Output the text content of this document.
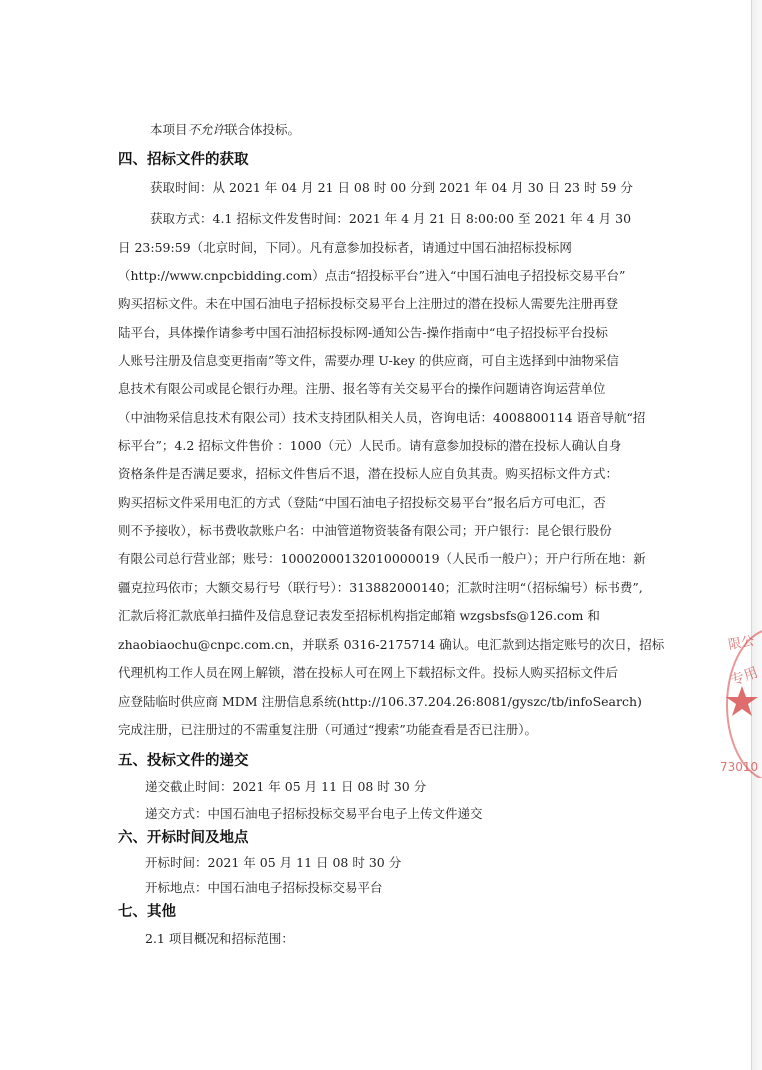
本项目不允许联合体投标。
四、招标文件的获取
获取时间：从 2021 年 04 月 21 日 08 时 00 分到 2021 年 04 月 30 日 23 时 59 分
获取方式：4.1 招标文件发售时间：2021 年 4 月 21 日 8:00:00 至 2021 年 4 月 30
日 23:59:59（北京时间，下同）。凡有意参加投标者，请通过中国石油招标投标网
（http://www.cnpcbidding.com）点击“招投标平台”进入“中国石油电子招投标交易平台”
购买招标文件。未在中国石油电子招标投标交易平台上注册过的潜在投标人需要先注册再登
陆平台，具体操作请参考中国石油招标投标网-通知公告-操作指南中“电子招投标平台投标
人账号注册及信息变更指南”等文件，需要办理 U-key 的供应商，可自主选择到中油物采信
息技术有限公司或昆仑银行办理。注册、报名等有关交易平台的操作问题请咨询运营单位
（中油物采信息技术有限公司）技术支持团队相关人员，咨询电话：4008800114 语音导航“招
标平台”；4.2 招标文件售价 ：1000（元）人民币。请有意参加投标的潜在投标人确认自身
资格条件是否满足要求，招标文件售后不退，潜在投标人应自负其责。购买招标文件方式：
购买招标文件采用电汇的方式（登陆“中国石油电子招投标交易平台”报名后方可电汇，否
则不予接收），标书费收款账户名：中油管道物资装备有限公司；开户银行：昆仑银行股份
有限公司总行营业部；账号：10002000132010000019（人民币一般户）；开户行所在地：新
疆克拉玛依市；大额交易行号（联行号）：313882000140；汇款时注明“（招标编号）标书费”,
汇款后将汇款底单扫描件及信息登记表发至招标机构指定邮箱 wzgsbsfs@126.com 和
zhaobiaochu@cnpc.com.cn，并联系 0316-2175714 确认。电汇款到达指定账号的次日，招标
代理机构工作人员在网上解锁，潜在投标人可在网上下载招标文件。投标人购买招标文件后
应登陆临时供应商 MDM 注册信息系统(http://106.37.204.26:8081/gyszc/tb/infoSearch)
完成注册，已注册过的不需重复注册（可通过“搜索”功能查看是否已注册）。
五、投标文件的递交
递交截止时间：2021 年 05 月 11 日 08 时 30 分
递交方式：中国石油电子招标投标交易平台电子上传文件递交
六、开标时间及地点
开标时间：2021 年 05 月 11 日 08 时 30 分
开标地点：中国石油电子招标投标交易平台
七、其他
2.1 项目概况和招标范围：
限公
专用
73010
